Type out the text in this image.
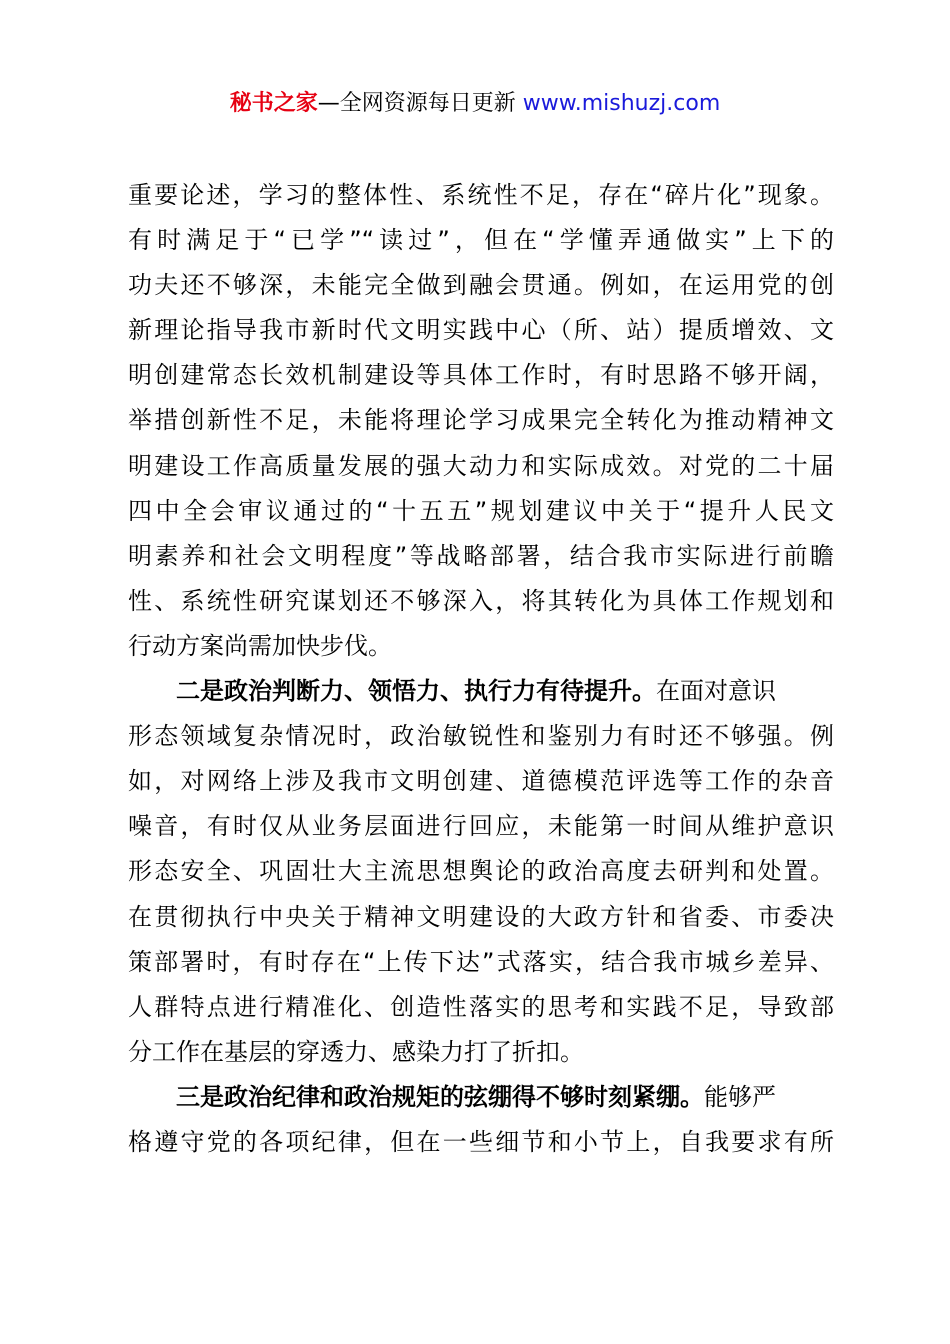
秘书之家—全网资源每日更新 www.mishuzj.com
重要论述，学习的整体性、系统性不足，存在“碎片化”现象。
有时满足于“已学”“读过”，但在“学懂弄通做实”上下的
功夫还不够深，未能完全做到融会贯通。例如，在运用党的创
新理论指导我市新时代文明实践中心（所、站）提质增效、文
明创建常态长效机制建设等具体工作时，有时思路不够开阔，
举措创新性不足，未能将理论学习成果完全转化为推动精神文
明建设工作高质量发展的强大动力和实际成效。对党的二十届
四中全会审议通过的“十五五”规划建议中关于“提升人民文
明素养和社会文明程度”等战略部署，结合我市实际进行前瞻
性、系统性研究谋划还不够深入，将其转化为具体工作规划和
行动方案尚需加快步伐。
二是政治判断力、领悟力、执行力有待提升。在面对意识
形态领域复杂情况时，政治敏锐性和鉴别力有时还不够强。例
如，对网络上涉及我市文明创建、道德模范评选等工作的杂音
噪音，有时仅从业务层面进行回应，未能第一时间从维护意识
形态安全、巩固壮大主流思想舆论的政治高度去研判和处置。
在贯彻执行中央关于精神文明建设的大政方针和省委、市委决
策部署时，有时存在“上传下达”式落实，结合我市城乡差异、
人群特点进行精准化、创造性落实的思考和实践不足，导致部
分工作在基层的穿透力、感染力打了折扣。
三是政治纪律和政治规矩的弦绷得不够时刻紧绷。能够严
格遵守党的各项纪律，但在一些细节和小节上，自我要求有所
